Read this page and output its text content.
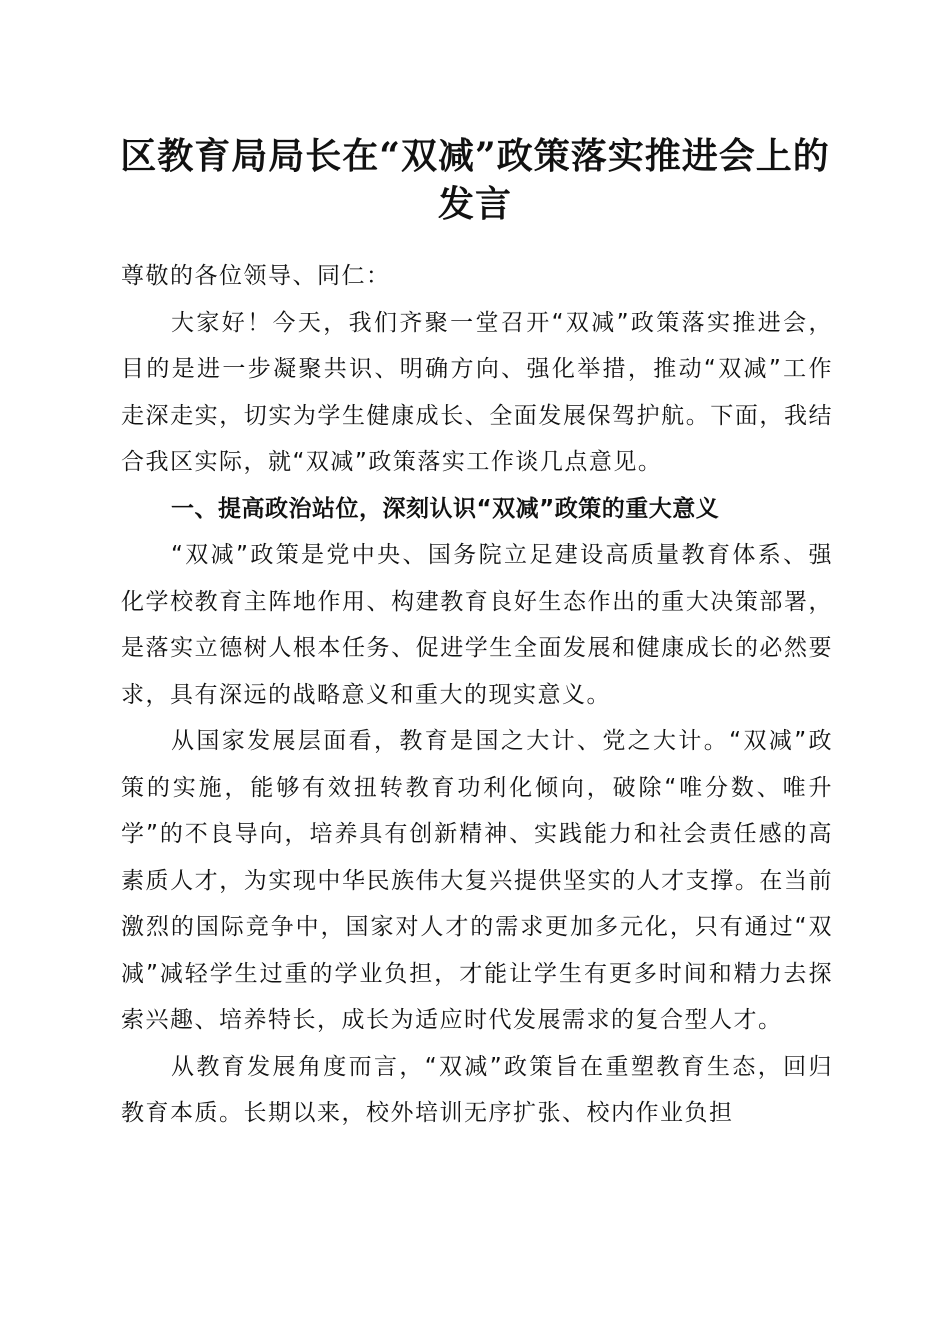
区教育局局长在“双减”政策落实推进会上的
发言

尊敬的各位领导、同仁：

大家好！今天，我们齐聚一堂召开“双减”政策落实推进会，目的是进一步凝聚共识、明确方向、强化举措，推动“双减”工作走深走实，切实为学生健康成长、全面发展保驾护航。下面，我结合我区实际，就“双减”政策落实工作谈几点意见。

一、提高政治站位，深刻认识“双减”政策的重大意义

“双减”政策是党中央、国务院立足建设高质量教育体系、强化学校教育主阵地作用、构建教育良好生态作出的重大决策部署，是落实立德树人根本任务、促进学生全面发展和健康成长的必然要求，具有深远的战略意义和重大的现实意义。

从国家发展层面看，教育是国之大计、党之大计。“双减”政策的实施，能够有效扭转教育功利化倾向，破除“唯分数、唯升学”的不良导向，培养具有创新精神、实践能力和社会责任感的高素质人才，为实现中华民族伟大复兴提供坚实的人才支撑。在当前激烈的国际竞争中，国家对人才的需求更加多元化，只有通过“双减”减轻学生过重的学业负担，才能让学生有更多时间和精力去探索兴趣、培养特长，成长为适应时代发展需求的复合型人才。

从教育发展角度而言，“双减”政策旨在重塑教育生态，回归教育本质。长期以来，校外培训无序扩张、校内作业负担
